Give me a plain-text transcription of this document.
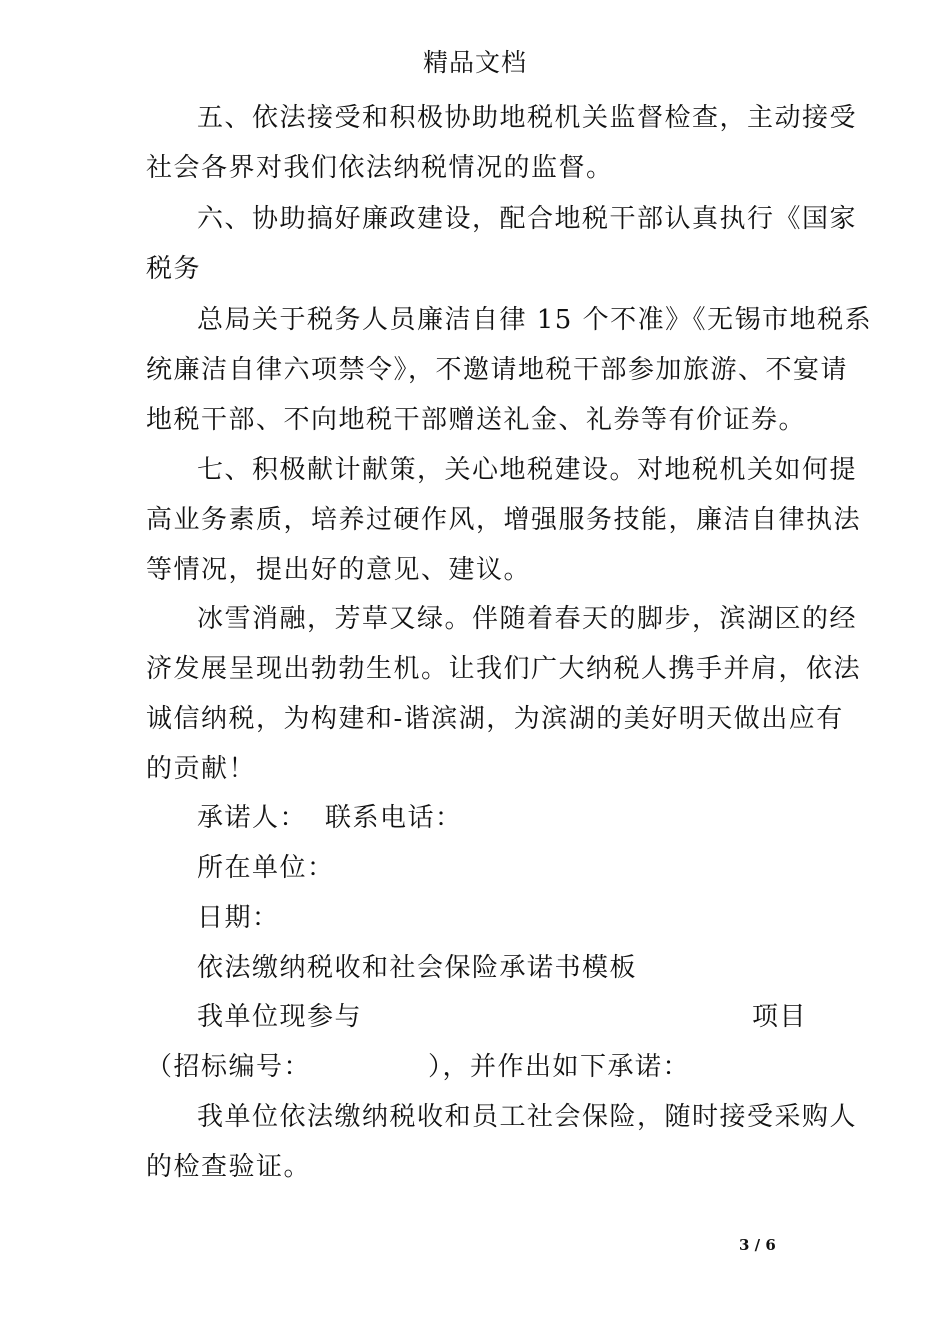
精品文档
五、依法接受和积极协助地税机关监督检查，主动接受
社会各界对我们依法纳税情况的监督。
六、协助搞好廉政建设，配合地税干部认真执行《国家
税务
总局关于税务人员廉洁自律 15 个不准》《无锡市地税系
统廉洁自律六项禁令》，不邀请地税干部参加旅游、不宴请
地税干部、不向地税干部赠送礼金、礼券等有价证券。
七、积极献计献策，关心地税建设。对地税机关如何提
高业务素质，培养过硬作风，增强服务技能，廉洁自律执法
等情况，提出好的意见、建议。
冰雪消融，芳草又绿。伴随着春天的脚步，滨湖区的经
济发展呈现出勃勃生机。让我们广大纳税人携手并肩，依法
诚信纳税，为构建和-谐滨湖，为滨湖的美好明天做出应有
的贡献！
承诺人： 联系电话：
所在单位：
日期：
依法缴纳税收和社会保险承诺书模板
我单位现参与	项目
（招标编号：	），并作出如下承诺：
我单位依法缴纳税收和员工社会保险，随时接受采购人
的检查验证。
3 / 6
